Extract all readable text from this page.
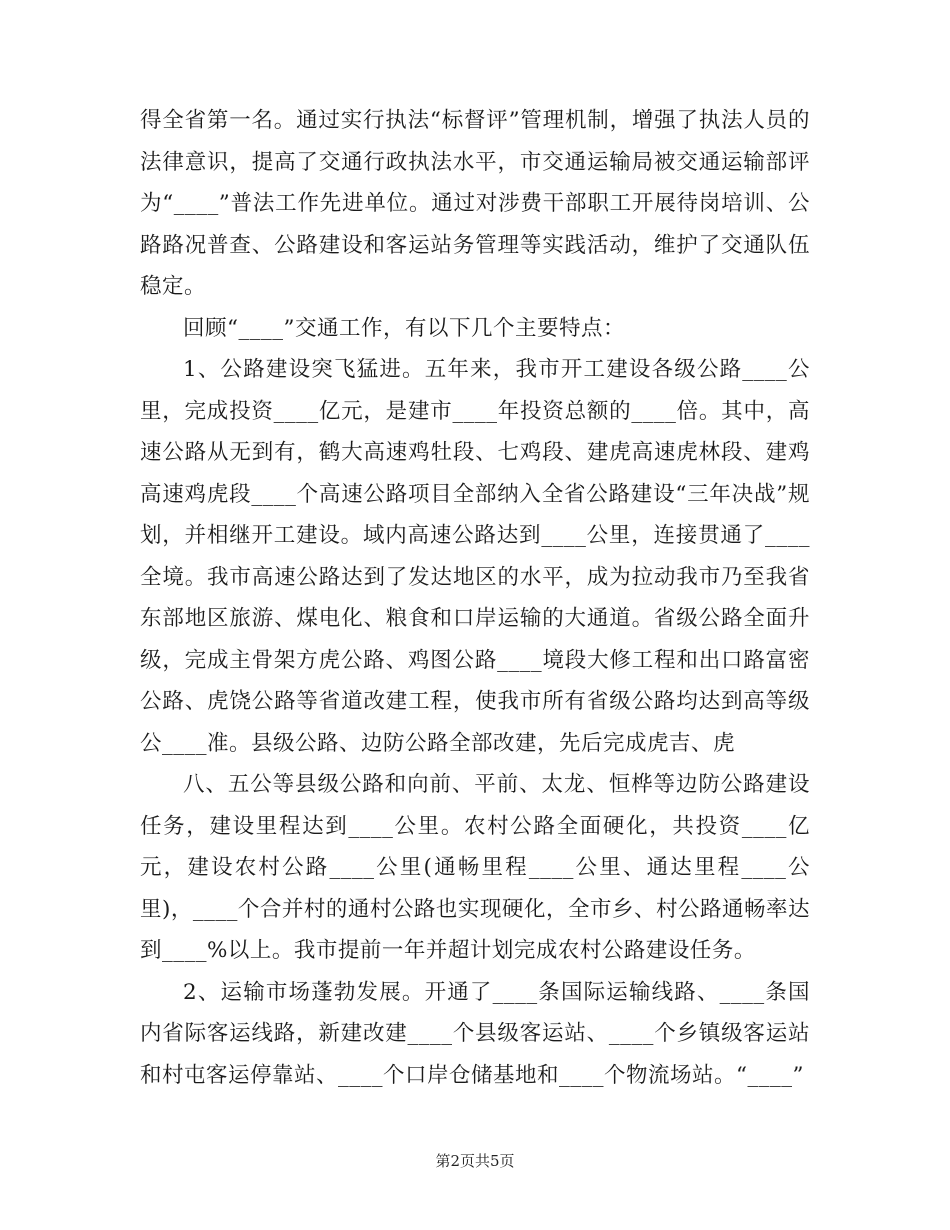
得全省第一名。通过实行执法“标督评”管理机制，增强了执法人员的法律意识，提高了交通行政执法水平，市交通运输局被交通运输部评为“____”普法工作先进单位。通过对涉费干部职工开展待岗培训、公路路况普查、公路建设和客运站务管理等实践活动，维护了交通队伍稳定。

回顾“____”交通工作，有以下几个主要特点：

1、公路建设突飞猛进。五年来，我市开工建设各级公路____公里，完成投资____亿元，是建市____年投资总额的____倍。其中，高速公路从无到有，鹤大高速鸡牡段、七鸡段、建虎高速虎林段、建鸡高速鸡虎段____个高速公路项目全部纳入全省公路建设“三年决战”规划，并相继开工建设。域内高速公路达到____公里，连接贯通了____全境。我市高速公路达到了发达地区的水平，成为拉动我市乃至我省东部地区旅游、煤电化、粮食和口岸运输的大通道。省级公路全面升级，完成主骨架方虎公路、鸡图公路____境段大修工程和出口路富密公路、虎饶公路等省道改建工程，使我市所有省级公路均达到高等级公____准。县级公路、边防公路全部改建，先后完成虎吉、虎

八、五公等县级公路和向前、平前、太龙、恒桦等边防公路建设任务，建设里程达到____公里。农村公路全面硬化，共投资____亿元，建设农村公路____公里(通畅里程____公里、通达里程____公里)，____个合并村的通村公路也实现硬化，全市乡、村公路通畅率达到____%以上。我市提前一年并超计划完成农村公路建设任务。

2、运输市场蓬勃发展。开通了____条国际运输线路、____条国内省际客运线路，新建改建____个县级客运站、____个乡镇级客运站和村屯客运停靠站、____个口岸仓储基地和____个物流场站。“____”

第2页共5页
